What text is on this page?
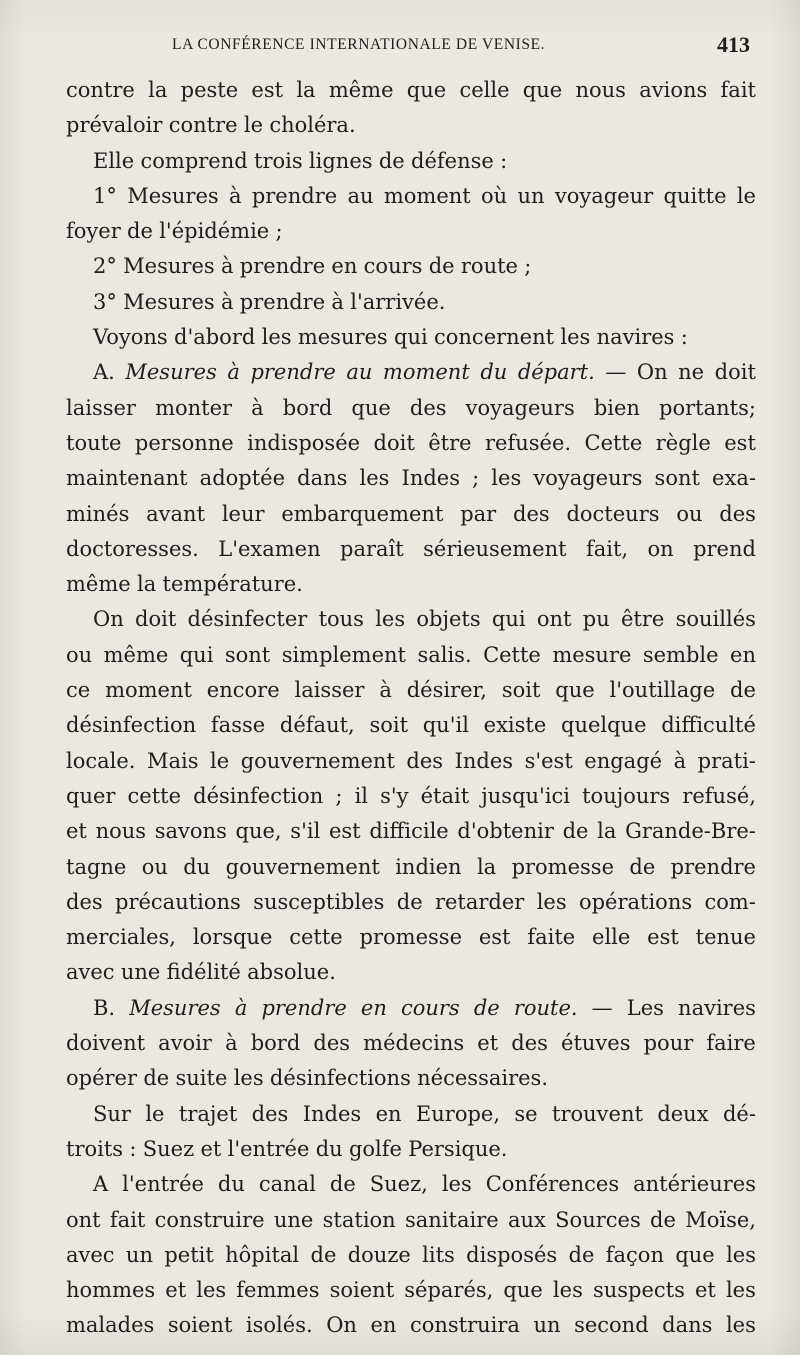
LA CONFÉRENCE INTERNATIONALE DE VENISE.	413
contre la peste est la même que celle que nous avions fait
prévaloir contre le choléra.
Elle comprend trois lignes de défense :
1° Mesures à prendre au moment où un voyageur quitte le
foyer de l'épidémie ;
2° Mesures à prendre en cours de route ;
3° Mesures à prendre à l'arrivée.
Voyons d'abord les mesures qui concernent les navires :
A. Mesures à prendre au moment du départ. — On ne doit
laisser monter à bord que des voyageurs bien portants;
toute personne indisposée doit être refusée. Cette règle est
maintenant adoptée dans les Indes ; les voyageurs sont exa-
minés avant leur embarquement par des docteurs ou des
doctoresses. L'examen paraît sérieusement fait, on prend
même la température.
On doit désinfecter tous les objets qui ont pu être souillés
ou même qui sont simplement salis. Cette mesure semble en
ce moment encore laisser à désirer, soit que l'outillage de
désinfection fasse défaut, soit qu'il existe quelque difficulté
locale. Mais le gouvernement des Indes s'est engagé à prati-
quer cette désinfection ; il s'y était jusqu'ici toujours refusé,
et nous savons que, s'il est difficile d'obtenir de la Grande-Bre-
tagne ou du gouvernement indien la promesse de prendre
des précautions susceptibles de retarder les opérations com-
merciales, lorsque cette promesse est faite elle est tenue
avec une fidélité absolue.
B. Mesures à prendre en cours de route. — Les navires
doivent avoir à bord des médecins et des étuves pour faire
opérer de suite les désinfections nécessaires.
Sur le trajet des Indes en Europe, se trouvent deux dé-
troits : Suez et l'entrée du golfe Persique.
A l'entrée du canal de Suez, les Conférences antérieures
ont fait construire une station sanitaire aux Sources de Moïse,
avec un petit hôpital de douze lits disposés de façon que les
hommes et les femmes soient séparés, que les suspects et les
malades soient isolés. On en construira un second dans les
